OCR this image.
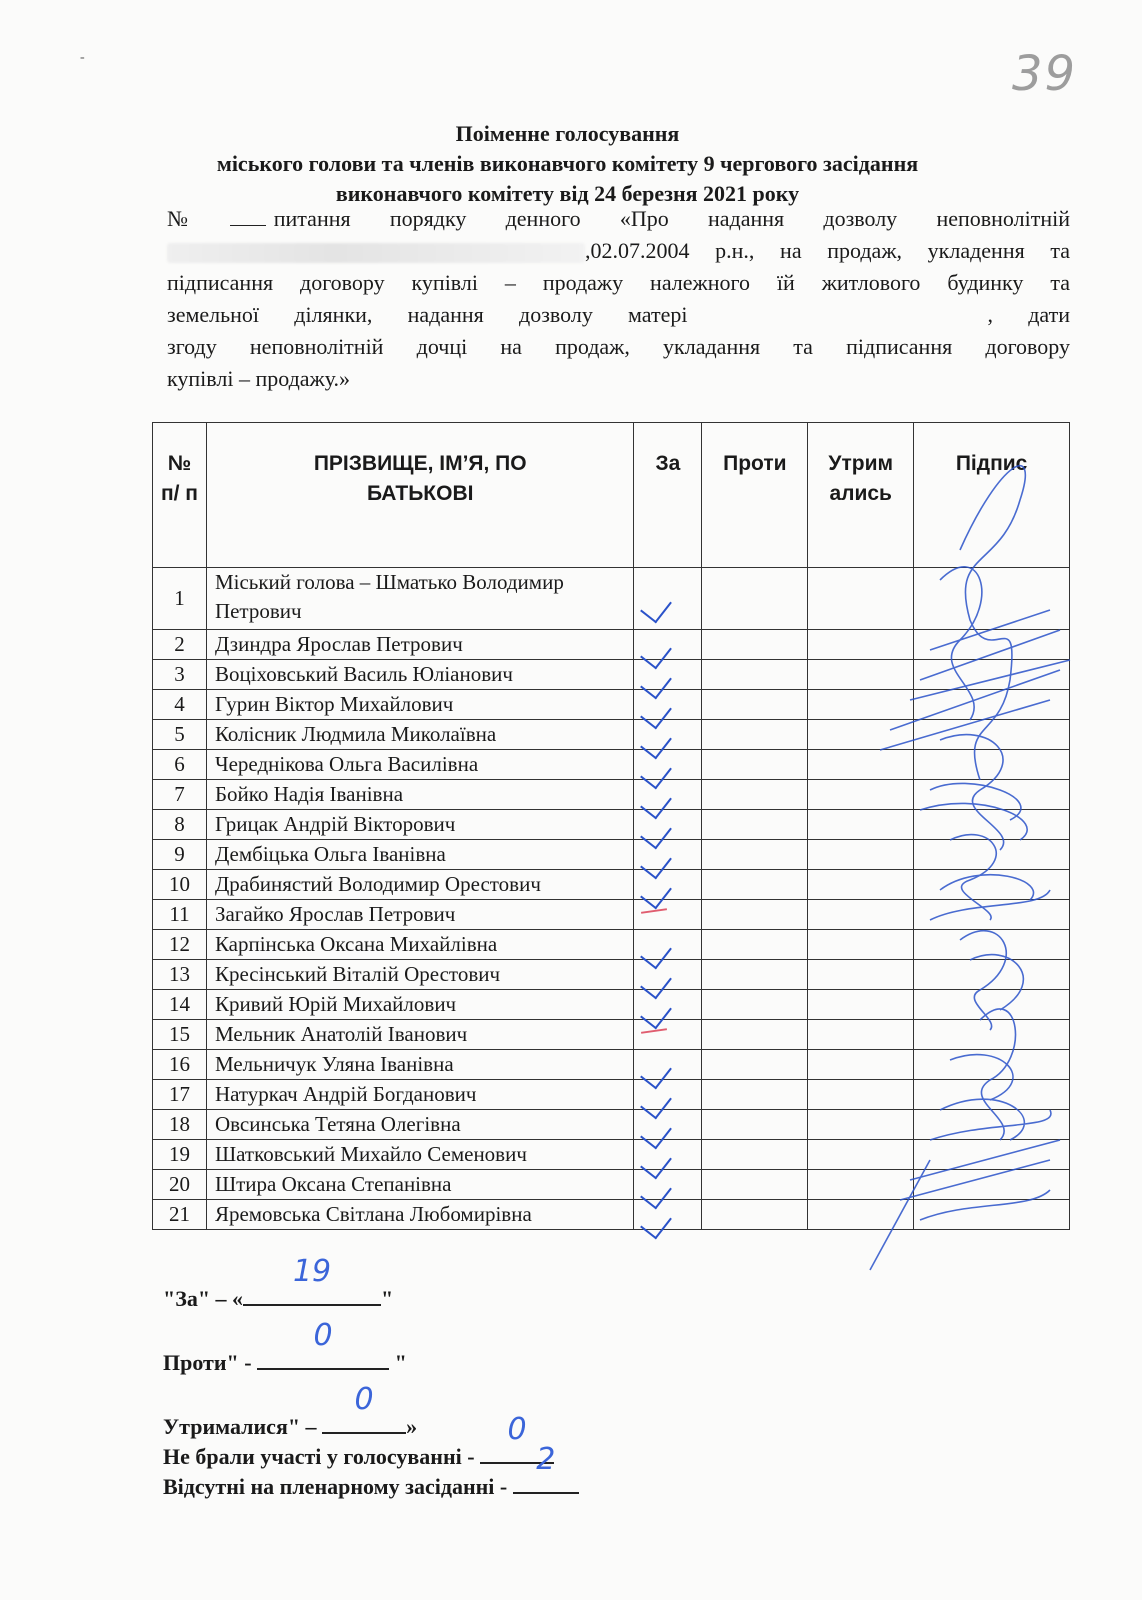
-	39
Поіменне голосування
міського голови та членів виконавчого комітету 9 чергового засідання
виконавчого комітету від 24 березня 2021 року

№ питання порядку денного «Про надання дозволу неповнолітній

,02.07.2004 р.н., на продаж, укладення та

підписання договору купівлі – продажу належного їй житлового будинку та

земельної ділянки, надання дозволу матері	, дати

згоду неповнолітній дочці на продаж, укладання та підписання договору

купівлі – продажу.»

№ п/ п	ПРІЗВИЩЕ, ІМ’Я, ПО БАТЬКОВІ	За	Проти	Утрим ались	Підпис
1	Міський голова – Шматько Володимир Петрович	

2	Дзиндра Ярослав Петрович	

3	Воціховський Василь Юліанович	

4	Гурин Віктор Михайлович	

5	Колісник Людмила Миколаївна	

6	Череднікова Ольга Василівна	

7	Бойко Надія Іванівна	

8	Грицак Андрій Вікторович	

9	Дембіцька Ольга Іванівна	

10	Драбинястий Володимир Орестович	

11	Загайко Ярослав Петрович	

12	Карпінська Оксана Михайлівна	

13	Кресінський Віталій Орестович	

14	Кривий Юрій Михайлович	

15	Мельник Анатолій Іванович	

16	Мельничук Уляна Іванівна	

17	Натуркач Андрій Богданович	

18	Овсинська Тетяна Олегівна	

19	Шатковський Михайло Семенович	

20	Штира Оксана Степанівна	

21	Яремовська Світлана Любомирівна	

"За" – «
19
"
Проти" -
0
"
Утрималися" –
0
»
Не брали участі у голосуванні -
0
Відсутні на пленарному засіданні -
2
